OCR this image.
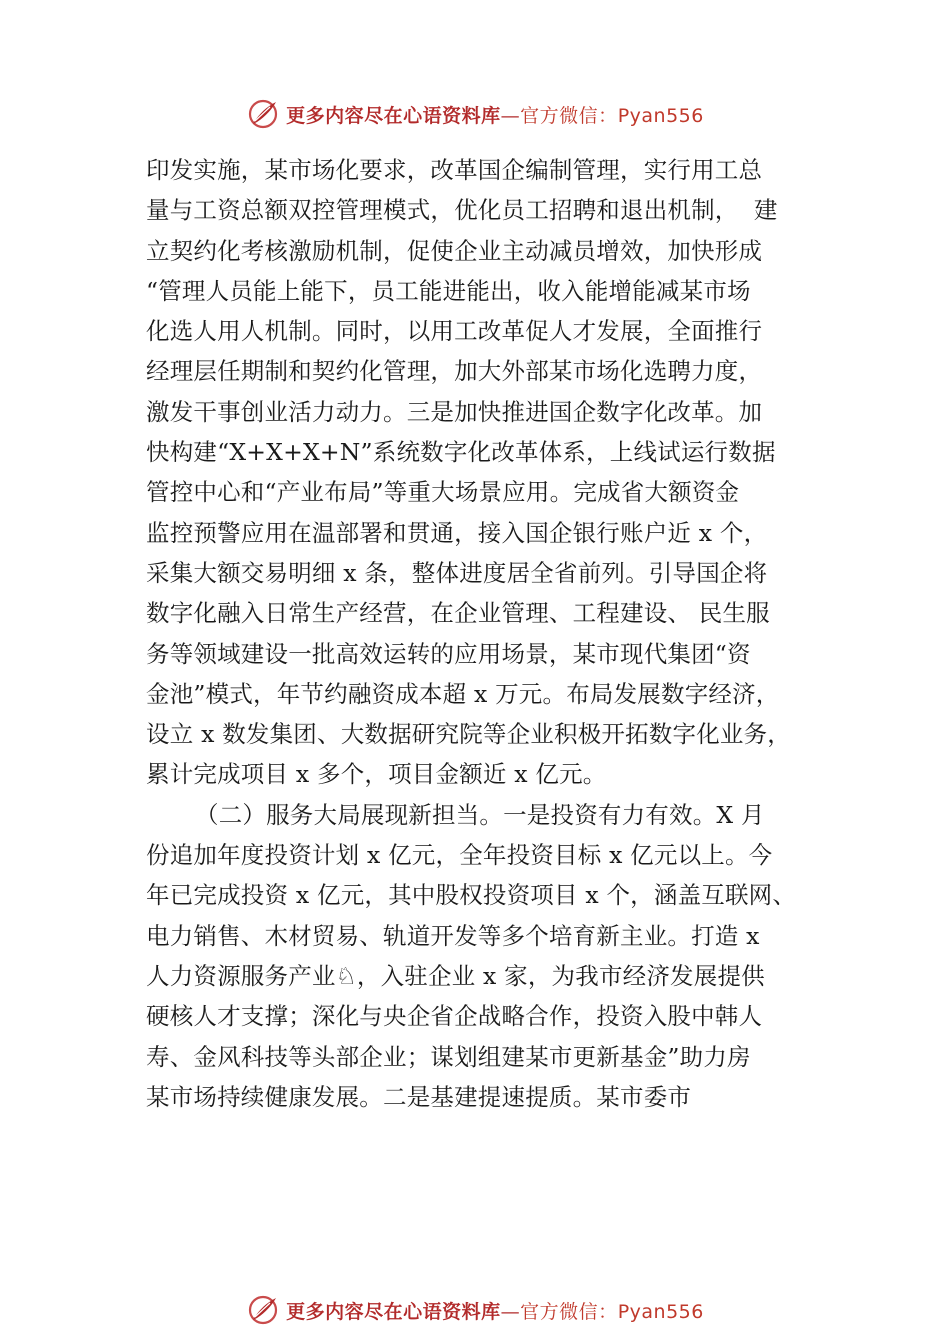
更多内容尽在心语资料库—官方微信：Pyan556
印发实施，某市场化要求，改革国企编制管理，实行用工总
量与工资总额双控管理模式，优化员工招聘和退出机制，  建
立契约化考核激励机制，促使企业主动减员增效，加快形成
“管理人员能上能下，员工能进能出，收入能增能减某市场
化选人用人机制。同时，以用工改革促人才发展，全面推行
经理层任期制和契约化管理，加大外部某市场化选聘力度，
激发干事创业活力动力。三是加快推进国企数字化改革。加
快构建“X+X+X+N”系统数字化改革体系，上线试运行数据
管控中心和“产业布局”等重大场景应用。完成省大额资金
监控预警应用在温部署和贯通，接入国企银行账户近 x 个，
采集大额交易明细 x 条，整体进度居全省前列。引导国企将
数字化融入日常生产经营，在企业管理、工程建设、 民生服
务等领域建设一批高效运转的应用场景，某市现代集团“资
金池”模式，年节约融资成本超 x 万元。布局发展数字经济，
设立 x 数发集团、大数据研究院等企业积极开拓数字化业务，
累计完成项目 x 多个，项目金额近 x 亿元。
（二）服务大局展现新担当。一是投资有力有效。X 月
份追加年度投资计划 x 亿元，全年投资目标 x 亿元以上。今
年已完成投资 x 亿元，其中股权投资项目 x 个，涵盖互联网、
电力销售、木材贸易、轨道开发等多个培育新主业。打造 x
人力资源服务产业♘，入驻企业 x 家，为我市经济发展提供
硬核人才支撑；深化与央企省企战略合作，投资入股中韩人
寿、金风科技等头部企业；谋划组建某市更新基金”助力房
某市场持续健康发展。二是基建提速提质。某市委市
更多内容尽在心语资料库—官方微信：Pyan556
